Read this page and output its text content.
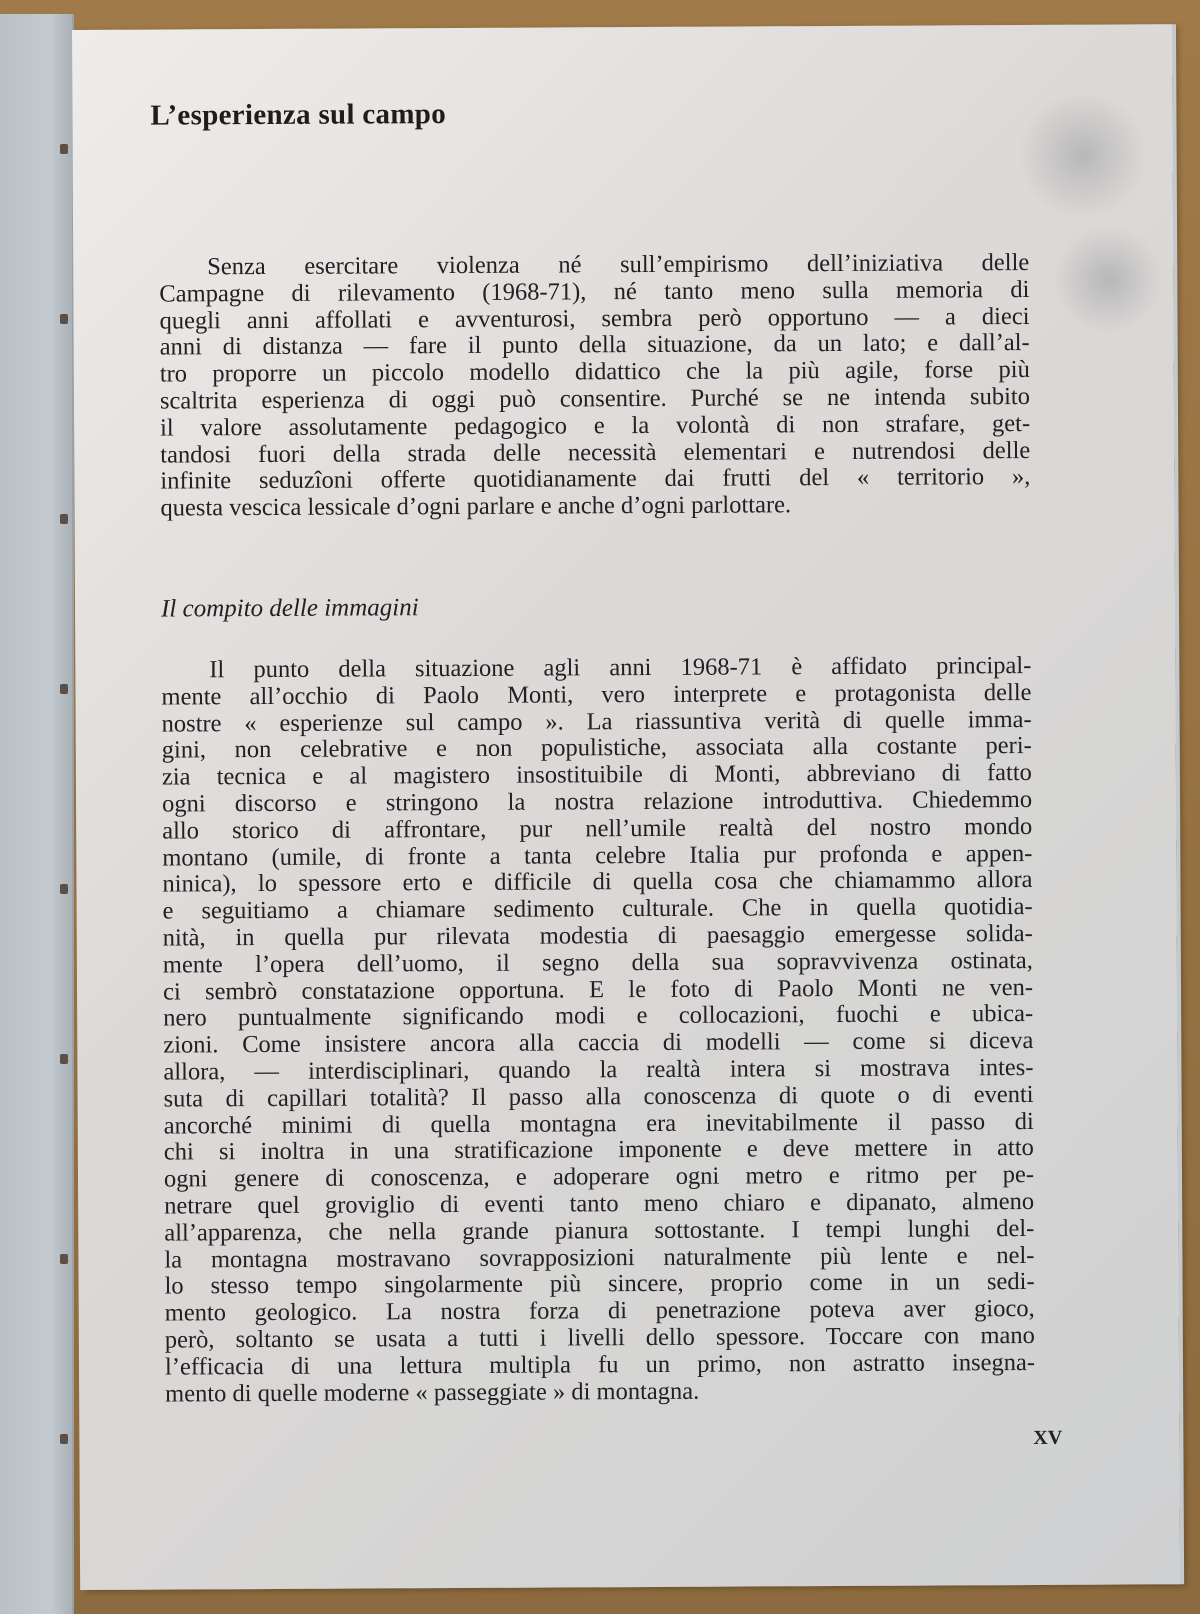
L’esperienza sul campo
Senza esercitare violenza né sull’empirismo dell’iniziativa delle
Campagne di rilevamento (1968-71), né tanto meno sulla memoria di
quegli anni affollati e avventurosi, sembra però opportuno — a dieci
anni di distanza — fare il punto della situazione, da un lato; e dall’al-
tro proporre un piccolo modello didattico che la più agile, forse più
scaltrita esperienza di oggi può consentire. Purché se ne intenda subito
il valore assolutamente pedagogico e la volontà di non strafare, get-
tandosi fuori della strada delle necessità elementari e nutrendosi delle
infinite seduzîoni offerte quotidianamente dai frutti del « territorio »,
questa vescica lessicale d’ogni parlare e anche d’ogni parlottare.
Il compito delle immagini
Il punto della situazione agli anni 1968-71 è affidato principal-
mente all’occhio di Paolo Monti, vero interprete e protagonista delle
nostre « esperienze sul campo ». La riassuntiva verità di quelle imma-
gini, non celebrative e non populistiche, associata alla costante peri-
zia tecnica e al magistero insostituibile di Monti, abbreviano di fatto
ogni discorso e stringono la nostra relazione introduttiva. Chiedemmo
allo storico di affrontare, pur nell’umile realtà del nostro mondo
montano (umile, di fronte a tanta celebre Italia pur profonda e appen-
ninica), lo spessore erto e difficile di quella cosa che chiamammo allora
e seguitiamo a chiamare sedimento culturale. Che in quella quotidia-
nità, in quella pur rilevata modestia di paesaggio emergesse solida-
mente l’opera dell’uomo, il segno della sua sopravvivenza ostinata,
ci sembrò constatazione opportuna. E le foto di Paolo Monti ne ven-
nero puntualmente significando modi e collocazioni, fuochi e ubica-
zioni. Come insistere ancora alla caccia di modelli — come si diceva
allora, — interdisciplinari, quando la realtà intera si mostrava intes-
suta di capillari totalità? Il passo alla conoscenza di quote o di eventi
ancorché minimi di quella montagna era inevitabilmente il passo di
chi si inoltra in una stratificazione imponente e deve mettere in atto
ogni genere di conoscenza, e adoperare ogni metro e ritmo per pe-
netrare quel groviglio di eventi tanto meno chiaro e dipanato, almeno
all’apparenza, che nella grande pianura sottostante. I tempi lunghi del-
la montagna mostravano sovrapposizioni naturalmente più lente e nel-
lo stesso tempo singolarmente più sincere, proprio come in un sedi-
mento geologico. La nostra forza di penetrazione poteva aver gioco,
però, soltanto se usata a tutti i livelli dello spessore. Toccare con mano
l’efficacia di una lettura multipla fu un primo, non astratto insegna-
mento di quelle moderne « passeggiate » di montagna.
XV
